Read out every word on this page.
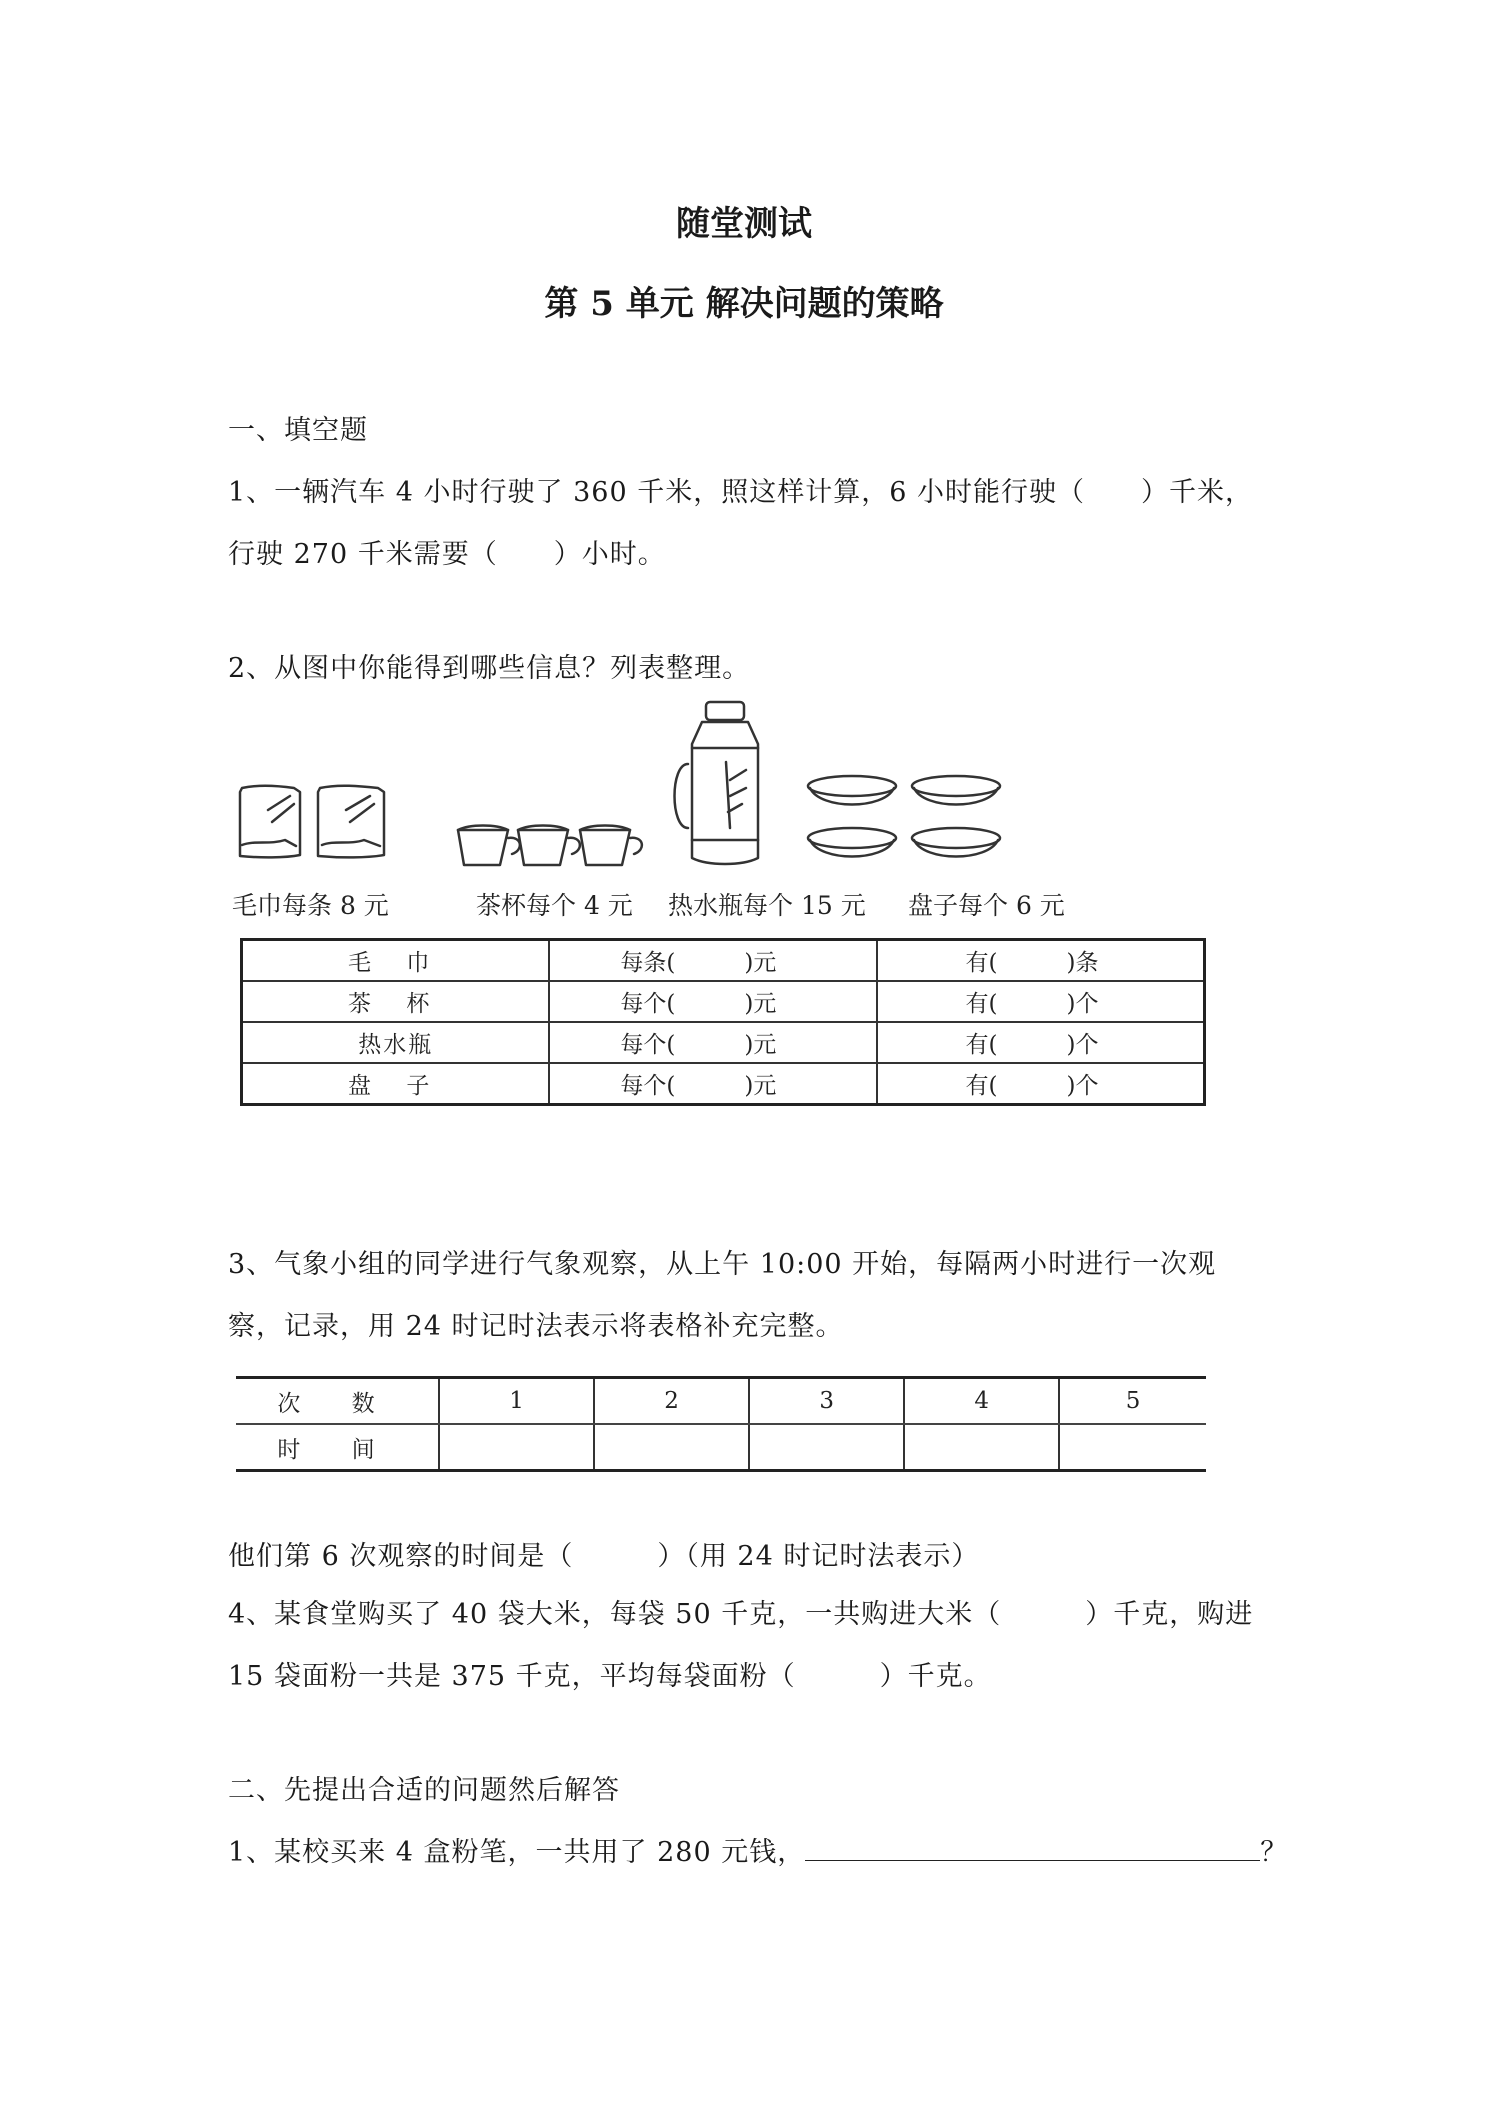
随堂测试
第 5 单元 解决问题的策略
一、填空题
1、一辆汽车 4 小时行驶了 360 千米，照这样计算，6 小时能行驶（　　）千米，
行驶 270 千米需要（　　）小时。
2、从图中你能得到哪些信息？列表整理。
毛巾每条 8 元	茶杯每个 4 元 热水瓶每个 15 元 盘子每个 6 元
毛 巾	每条(　　　)元	有(　　　)条
茶 杯	每个(　　　)元	有(　　　)个
热水瓶	每个(　　　)元	有(　　　)个
盘 子	每个(　　　)元	有(　　　)个
3、气象小组的同学进行气象观察，从上午 10:00 开始，每隔两小时进行一次观
察，记录，用 24 时记时法表示将表格补充完整。
次 数	1	2	3	4	5
时 间					
他们第 6 次观察的时间是（　　　）（用 24 时记时法表示）
4、某食堂购买了 40 袋大米，每袋 50 千克，一共购进大米（　　　）千克，购进
15 袋面粉一共是 375 千克，平均每袋面粉（　　　）千克。
二、先提出合适的问题然后解答
1、某校买来 4 盒粉笔，一共用了 280 元钱，	？
